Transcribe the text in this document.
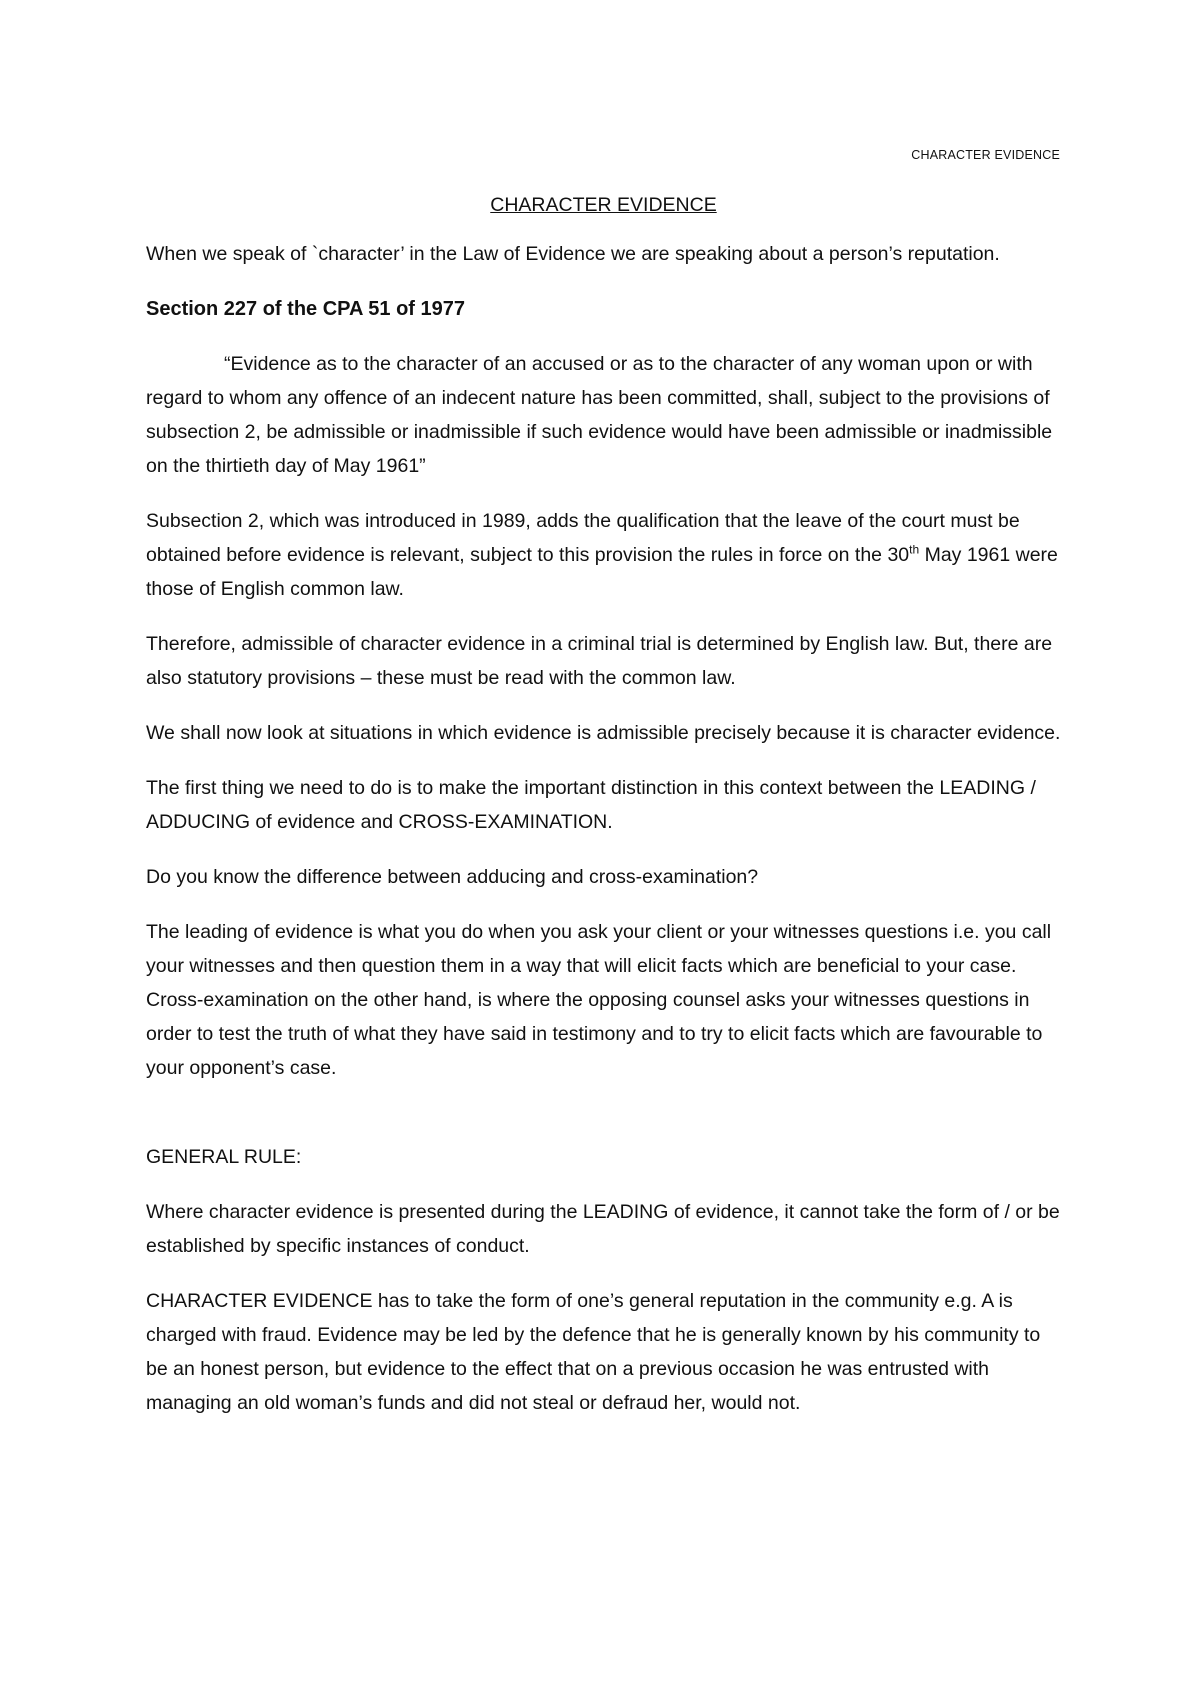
CHARACTER EVIDENCE
CHARACTER EVIDENCE

When we speak of `character’ in the Law of Evidence we are speaking about a person’s reputation.

Section 227 of the CPA 51 of 1977

“Evidence as to the character of an accused or as to the character of any woman upon or with regard to whom any offence of an indecent nature has been committed, shall, subject to the provisions of subsection 2, be admissible or inadmissible if such evidence would have been admissible or inadmissible on the thirtieth day of May 1961”

Subsection 2, which was introduced in 1989, adds the qualification that the leave of the court must be obtained before evidence is relevant, subject to this provision the rules in force on the 30th May 1961 were those of English common law.

Therefore, admissible of character evidence in a criminal trial is determined by English law. But, there are also statutory provisions – these must be read with the common law.

We shall now look at situations in which evidence is admissible precisely because it is character evidence.

The first thing we need to do is to make the important distinction in this context between the LEADING / ADDUCING of evidence and CROSS-EXAMINATION.

Do you know the difference between adducing and cross-examination?

The leading of evidence is what you do when you ask your client or your witnesses questions i.e. you call your witnesses and then question them in a way that will elicit facts which are beneficial to your case. Cross-examination on the other hand, is where the opposing counsel asks your witnesses questions in order to test the truth of what they have said in testimony and to try to elicit facts which are favourable to your opponent’s case.

GENERAL RULE:

Where character evidence is presented during the LEADING of evidence, it cannot take the form of / or be established by specific instances of conduct.

CHARACTER EVIDENCE has to take the form of one’s general reputation in the community e.g. A is charged with fraud. Evidence may be led by the defence that he is generally known by his community to be an honest person, but evidence to the effect that on a previous occasion he was entrusted with managing an old woman’s funds and did not steal or defraud her, would not.
